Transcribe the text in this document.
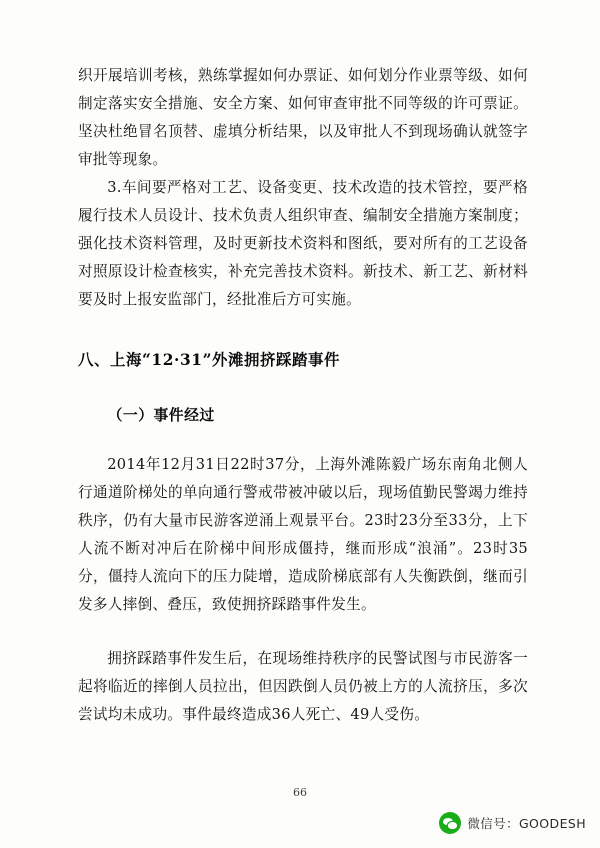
织开展培训考核，熟练掌握如何办票证、如何划分作业票等级、如何制定落实安全措施、安全方案、如何审查审批不同等级的许可票证。坚决杜绝冒名顶替、虚填分析结果，以及审批人不到现场确认就签字审批等现象。

3.车间要严格对工艺、设备变更、技术改造的技术管控，要严格履行技术人员设计、技术负责人组织审查、编制安全措施方案制度；强化技术资料管理，及时更新技术资料和图纸，要对所有的工艺设备对照原设计检查核实，补充完善技术资料。新技术、新工艺、新材料要及时上报安监部门，经批准后方可实施。

八、上海“12·31”外滩拥挤踩踏事件
（一）事件经过

2014年12月31日22时37分，上海外滩陈毅广场东南角北侧人行通道阶梯处的单向通行警戒带被冲破以后，现场值勤民警竭力维持秩序，仍有大量市民游客逆涌上观景平台。23时23分至33分，上下人流不断对冲后在阶梯中间形成僵持，继而形成“浪涌”。23时35分，僵持人流向下的压力陡增，造成阶梯底部有人失衡跌倒，继而引发多人摔倒、叠压，致使拥挤踩踏事件发生。

拥挤踩踏事件发生后，在现场维持秩序的民警试图与市民游客一起将临近的摔倒人员拉出，但因跌倒人员仍被上方的人流挤压，多次尝试均未成功。事件最终造成36人死亡、49人受伤。

66
微信号：GOODESH
